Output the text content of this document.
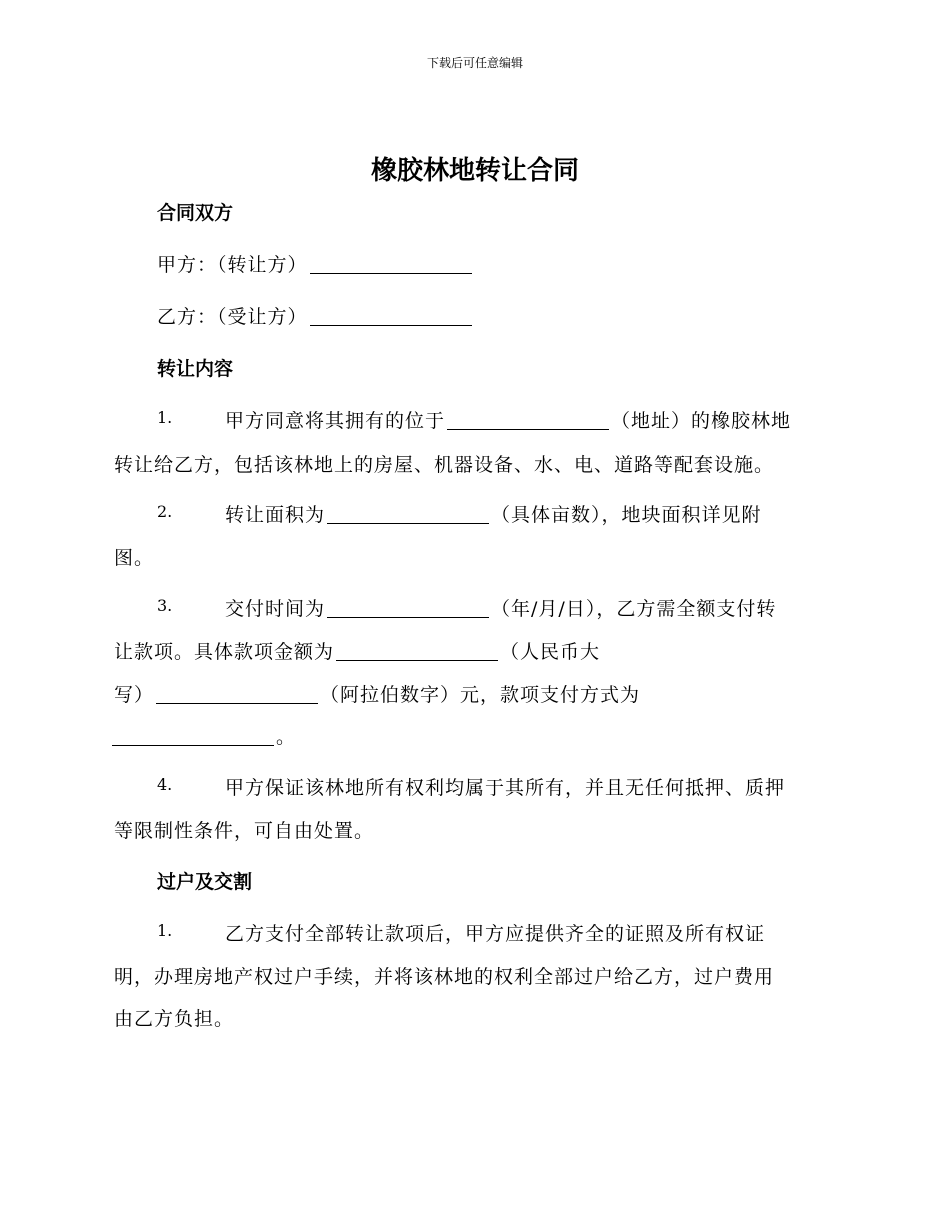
下载后可任意编辑
橡胶林地转让合同
合同双方
甲方：（转让方）
乙方：（受让方）
转让内容
1.	甲方同意将其拥有的位于	（地址）的橡胶林地
转让给乙方，包括该林地上的房屋、机器设备、水、电、道路等配套设施。
2.	转让面积为	（具体亩数），地块面积详见附
图。
3.	交付时间为	（年/月/日），乙方需全额支付转
让款项。具体款项金额为	（人民币大
写）	（阿拉伯数字）元，款项支付方式为
。
4.	甲方保证该林地所有权利均属于其所有，并且无任何抵押、质押
等限制性条件，可自由处置。
过户及交割
1.	乙方支付全部转让款项后，甲方应提供齐全的证照及所有权证
明，办理房地产权过户手续，并将该林地的权利全部过户给乙方，过户费用
由乙方负担。
